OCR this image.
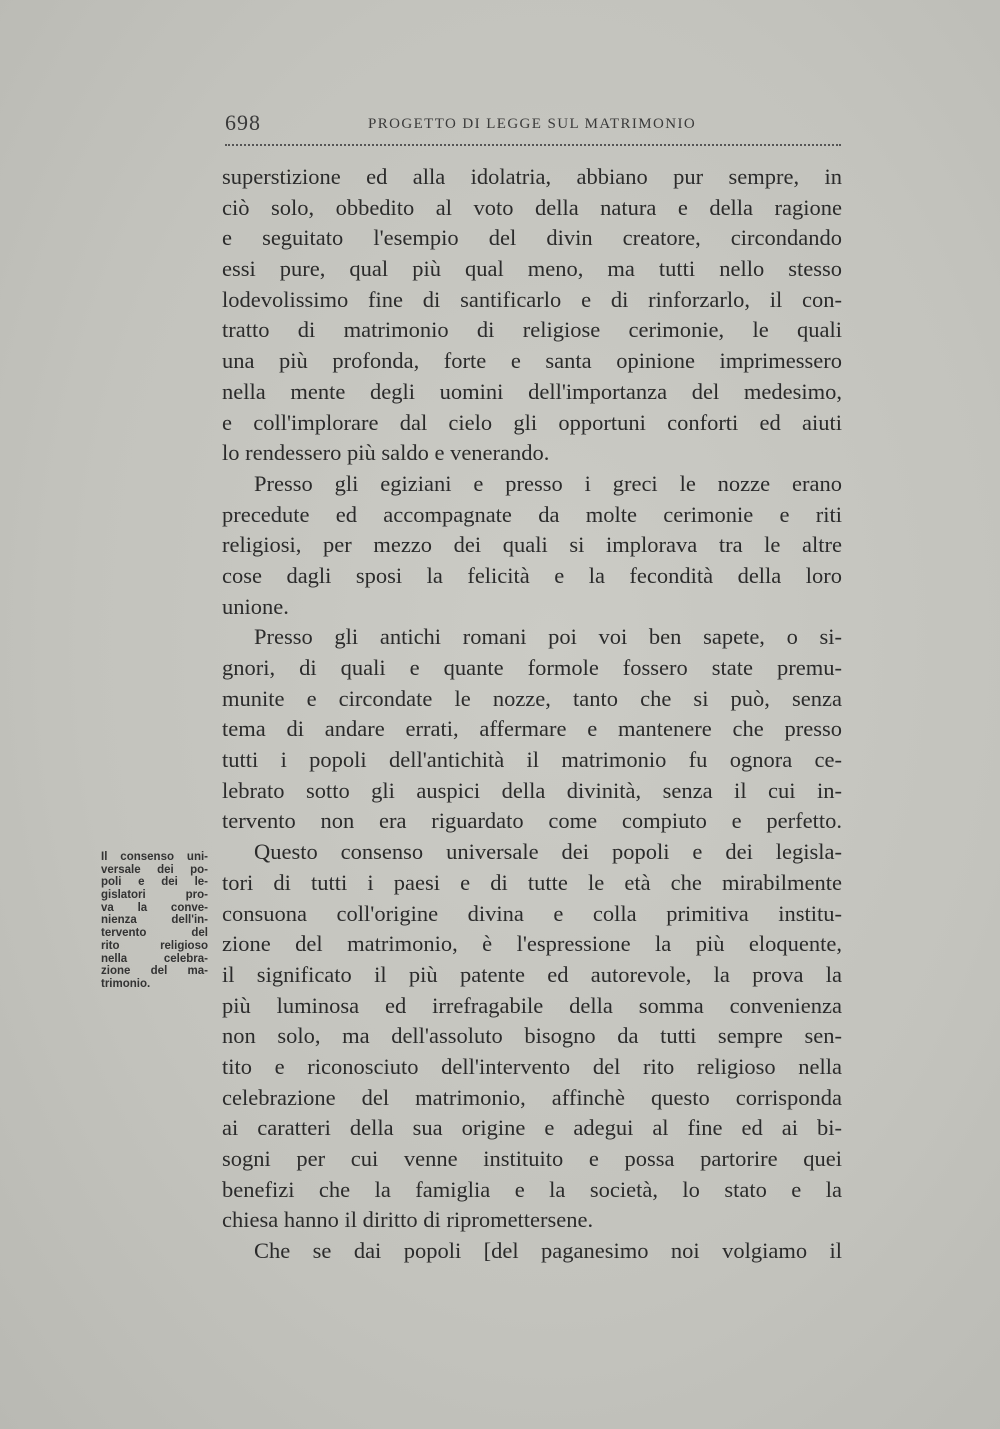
698	PROGETTO DI LEGGE SUL MATRIMONIO
superstizione ed alla idolatria, abbiano pur sempre, in
ciò solo, obbedito al voto della natura e della ragione
e seguitato l'esempio del divin creatore, circondando
essi pure, qual più qual meno, ma tutti nello stesso
lodevolissimo fine di santificarlo e di rinforzarlo, il con-
tratto di matrimonio di religiose cerimonie, le quali
una più profonda, forte e santa opinione imprimessero
nella mente degli uomini dell'importanza del medesimo,
e coll'implorare dal cielo gli opportuni conforti ed aiuti
lo rendessero più saldo e venerando.
Presso gli egiziani e presso i greci le nozze erano
precedute ed accompagnate da molte cerimonie e riti
religiosi, per mezzo dei quali si implorava tra le altre
cose dagli sposi la felicità e la fecondità della loro
unione.
Presso gli antichi romani poi voi ben sapete, o si-
gnori, di quali e quante formole fossero state premu-
munite e circondate le nozze, tanto che si può, senza
tema di andare errati, affermare e mantenere che presso
tutti i popoli dell'antichità il matrimonio fu ognora ce-
lebrato sotto gli auspici della divinità, senza il cui in-
tervento non era riguardato come compiuto e perfetto.
Questo consenso universale dei popoli e dei legisla-
tori di tutti i paesi e di tutte le età che mirabilmente
consuona coll'origine divina e colla primitiva institu-
zione del matrimonio, è l'espressione la più eloquente,
il significato il più patente ed autorevole, la prova la
più luminosa ed irrefragabile della somma convenienza
non solo, ma dell'assoluto bisogno da tutti sempre sen-
tito e riconosciuto dell'intervento del rito religioso nella
celebrazione del matrimonio, affinchè questo corrisponda
ai caratteri della sua origine e adegui al fine ed ai bi-
sogni per cui venne instituito e possa partorire quei
benefizi che la famiglia e la società, lo stato e la
chiesa hanno il diritto di ripromettersene.
Che se dai popoli [del paganesimo noi volgiamo il
Il consenso uni-
versale dei po-
poli e dei le-
gislatori pro-
va la conve-
nienza dell'in-
tervento del
rito religioso
nella celebra-
zione del ma-
trimonio.
